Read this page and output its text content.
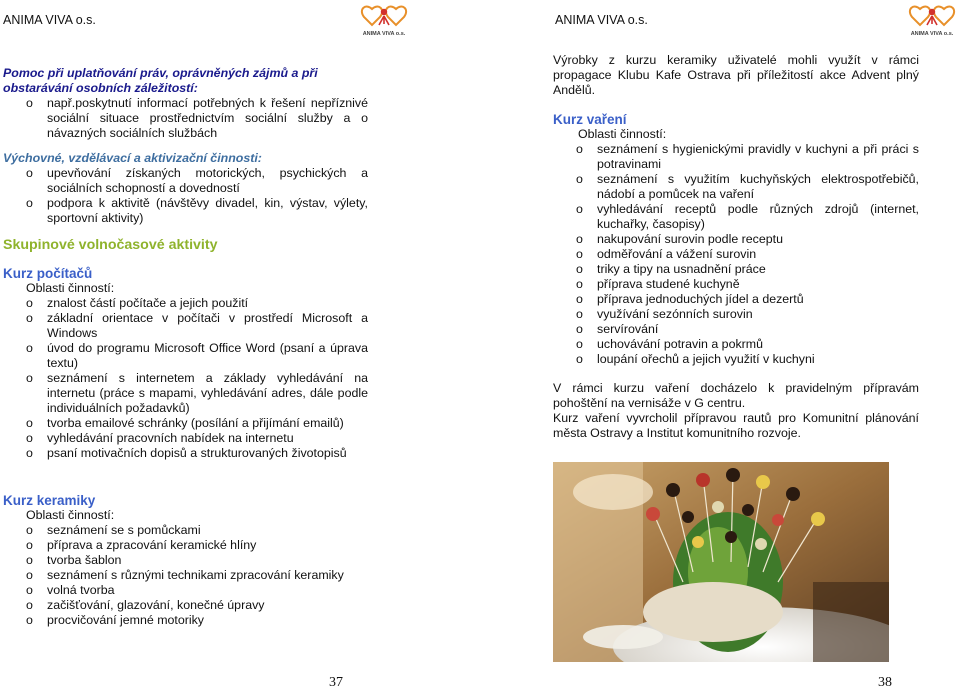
ANIMA VIVA o.s.
ANIMA VIVA o.s.

Pomoc při uplatňování práv, oprávněných zájmů a při obstarávání osobních záležitostí:

o např.poskytnutí informací potřebných k řešení nepříznivé sociální situace prostřednictvím sociální služby a o návazných sociálních službách

Výchovné, vzdělávací a aktivizační činnosti:

o upevňování získaných motorických, psychických a sociálních schopností a dovedností
o podpora k aktivitě (návštěvy divadel, kin, výstav, výlety, sportovní aktivity)

Skupinové volnočasové aktivity

Kurz počítačů

Oblasti činností:

o znalost částí počítače a jejich použití
o základní orientace v počítači v prostředí Microsoft a Windows
o úvod do programu Microsoft Office Word (psaní a úprava textu)
o seznámení s internetem a základy vyhledávání na internetu (práce s mapami, vyhledávání adres, dále podle individuálních požadavků)
o tvorba emailové schránky (posílání a přijímání emailů)
o vyhledávání pracovních nabídek na internetu
o psaní motivačních dopisů a strukturovaných životopisů

Kurz keramiky

Oblasti činností:

o seznámení se s pomůckami
o příprava a zpracování keramické hlíny
o tvorba šablon
o seznámení s různými technikami zpracování keramiky
o volná tvorba
o začišťování, glazování, konečné úpravy
o procvičování jemné motoriky
37
ANIMA VIVA o.s.
ANIMA VIVA o.s.

Výrobky z kurzu keramiky uživatelé mohli využít v rámci propagace Klubu Kafe Ostrava při příležitostí akce Advent plný Andělů.

Kurz vaření

Oblasti činností:

o seznámení s hygienickými pravidly v kuchyni a při práci s potravinami
o seznámení s využitím kuchyňských elektrospotřebičů, nádobí a pomůcek na vaření
o vyhledávání receptů podle různých zdrojů (internet, kuchařky, časopisy)
o nakupování surovin podle receptu
o odměřování a vážení surovin
o triky a tipy na usnadnění práce
o příprava studené kuchyně
o příprava jednoduchých jídel a dezertů
o využívání sezónních surovin
o servírování
o uchovávání potravin a pokrmů
o loupání ořechů a jejich využití v kuchyni

V rámci kurzu vaření docházelo k pravidelným přípravám pohoštění na vernisáže v G centru.

Kurz vaření vyvrcholil přípravou rautů pro Komunitní plánování města Ostravy a Institut komunitního rozvoje.

38
